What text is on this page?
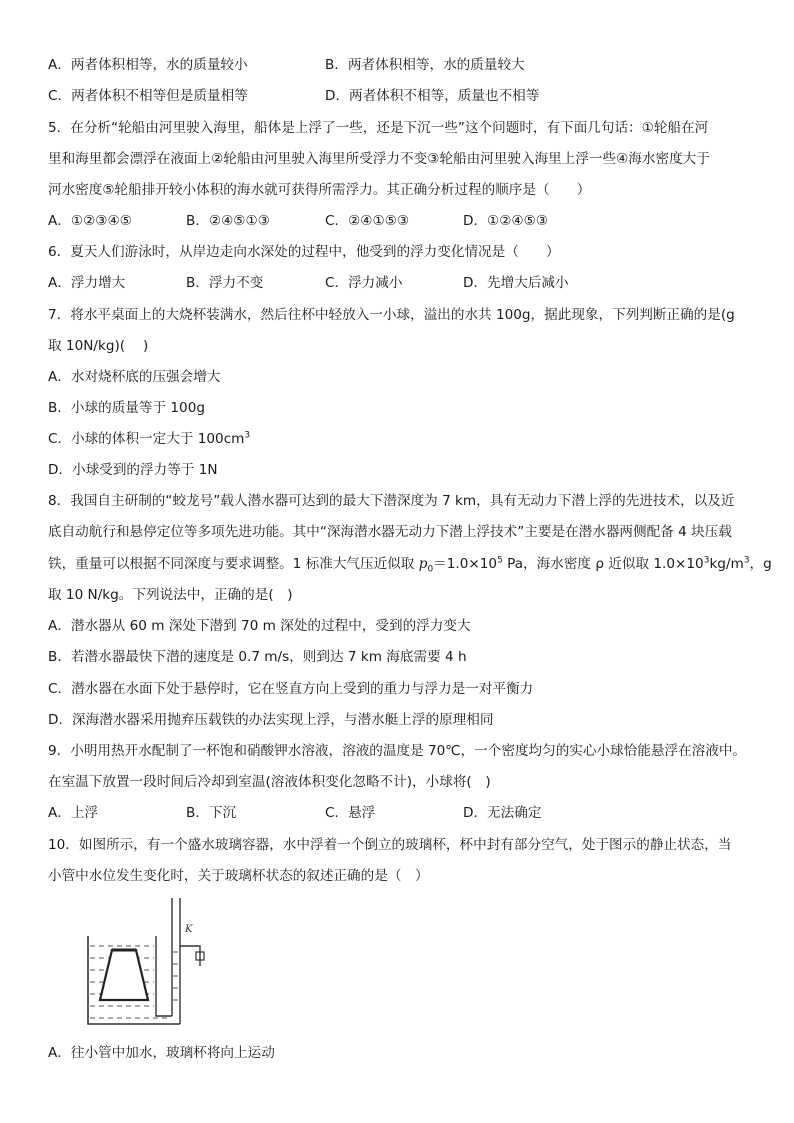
A．两者体积相等，水的质量较小	B．两者体积相等，水的质量较大
C．两者体积不相等但是质量相等	D．两者体积不相等，质量也不相等
5．在分析“轮船由河里驶入海里，船体是上浮了一些，还是下沉一些”这个问题时，有下面几句话：①轮船在河
里和海里都会漂浮在液面上②轮船由河里驶入海里所受浮力不变③轮船由河里驶入海里上浮一些④海水密度大于
河水密度⑤轮船排开较小体积的海水就可获得所需浮力。其正确分析过程的顺序是（　　）
A．①②③④⑤	B．②④⑤①③	C．②④①⑤③	D．①②④⑤③
6．夏天人们游泳时，从岸边走向水深处的过程中，他受到的浮力变化情况是（　　）
A．浮力增大	B．浮力不变	C．浮力减小	D．先增大后减小
7．将水平桌面上的大烧杯装满水，然后往杯中轻放入一小球，溢出的水共 100g，据此现象，下列判断正确的是(g
取 10N/kg)(　 )
A．水对烧杯底的压强会增大
B．小球的质量等于 100g
C．小球的体积一定大于 $100cm^3$
D．小球受到的浮力等于 1N
8．我国自主研制的“蛟龙号”载人潜水器可达到的最大下潜深度为 7 km，具有无动力下潜上浮的先进技术，以及近
底自动航行和悬停定位等多项先进功能。其中“深海潜水器无动力下潜上浮技术”主要是在潜水器两侧配备 4 块压载
铁，重量可以根据不同深度与要求调整。1 标准大气压近似取 $p_0=1.0\times 10^5$ Pa，海水密度 ρ 近似取 $1.0\times 10^3kg/m^3$，g
取 10 N/kg。下列说法中，正确的是(　)
A．潜水器从 60 m 深处下潜到 70 m 深处的过程中，受到的浮力变大
B．若潜水器最快下潜的速度是 0.7 m/s，则到达 7 km 海底需要 4 h
C．潜水器在水面下处于悬停时，它在竖直方向上受到的重力与浮力是一对平衡力
D．深海潜水器采用抛弃压载铁的办法实现上浮，与潜水艇上浮的原理相同
9．小明用热开水配制了一杯饱和硝酸钾水溶液，溶液的温度是 70℃，一个密度均匀的实心小球恰能悬浮在溶液中。
在室温下放置一段时间后冷却到室温(溶液体积变化忽略不计)，小球将(　)
A．上浮	B．下沉	C．悬浮	D．无法确定
10．如图所示，有一个盛水玻璃容器，水中浮着一个倒立的玻璃杯，杯中封有部分空气，处于图示的静止状态，当
小管中水位发生变化时，关于玻璃杯状态的叙述正确的是（　）
K
A．往小管中加水，玻璃杯将向上运动
